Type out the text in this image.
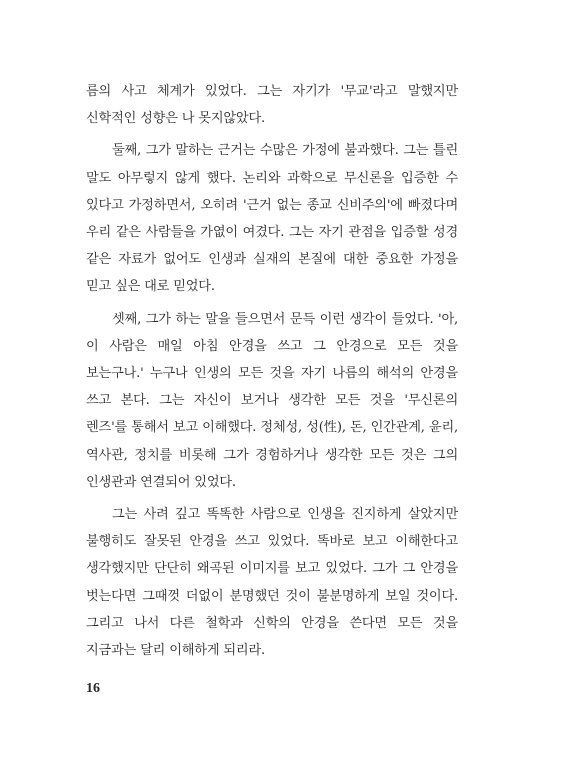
름의 사고 체계가 있었다. 그는 자기가 '무교'라고 말했지만 신학적인 성향은 나 못지않았다.

둘째, 그가 말하는 근거는 수많은 가정에 불과했다. 그는 틀린 말도 아무렇지 않게 했다. 논리와 과학으로 무신론을 입증한 수 있다고 가정하면서, 오히려 '근거 없는 종교 신비주의'에 빠졌다며 우리 같은 사람들을 가엾이 여겼다. 그는 자기 관점을 입증할 성경 같은 자료가 없어도 인생과 실재의 본질에 대한 중요한 가정을 믿고 싶은 대로 믿었다.

셋째, 그가 하는 말을 들으면서 문득 이런 생각이 들었다. '아, 이 사람은 매일 아침 안경을 쓰고 그 안경으로 모든 것을 보는구나.' 누구나 인생의 모든 것을 자기 나름의 해석의 안경을 쓰고 본다. 그는 자신이 보거나 생각한 모든 것을 '무신론의 렌즈'를 통해서 보고 이해했다. 정체성, 성(性), 돈, 인간관계, 윤리, 역사관, 정치를 비롯해 그가 경험하거나 생각한 모든 것은 그의 인생관과 연결되어 있었다.

그는 사려 깊고 똑똑한 사람으로 인생을 진지하게 살았지만 불행히도 잘못된 안경을 쓰고 있었다. 똑바로 보고 이해한다고 생각했지만 단단히 왜곡된 이미지를 보고 있었다. 그가 그 안경을 벗는다면 그때껏 더없이 분명했던 것이 불분명하게 보일 것이다. 그리고 나서 다른 철학과 신학의 안경을 쓴다면 모든 것을 지금과는 달리 이해하게 되리라.

16
